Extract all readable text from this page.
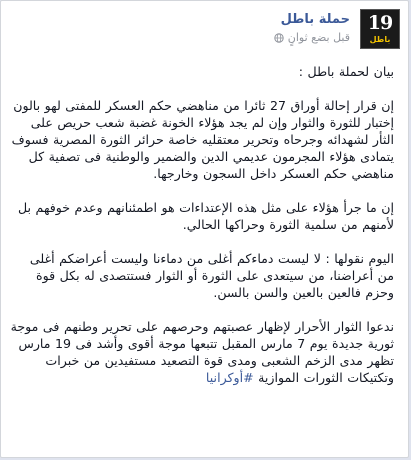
19
باطل
حملة باطل
قبل بضع ثوانٍ

بيان لحملة باطل :

إن قرار إحالة أوراق 27 ثائرا من مناهضي حكم العسكر للمفتى لهو بالون إختبار للثورة والثوار وإن لم يجد هؤلاء الخونة غضبة شعب حريص على الثأر لشهدائه وجرحاه وتحرير معتقليه خاصة حرائر الثورة المصرية فسوف يتمادى هؤلاء المجرمون عديمي الدين والضمير والوطنية فى تصفية كل مناهضي حكم العسكر داخل السجون وخارجها.

إن ما جرأ هؤلاء على مثل هذه الإعتداءات هو اطمئنانهم وعدم خوفهم بل لأمنهم من سلمية الثورة وحراكها الحالي.

اليوم نقولها : لا ليست دماءكم أغلى من دماءنا وليست أعراضكم أغلى من أعراضنا، من سيتعدى على الثورة أو الثوار فستتصدى له بكل قوة وحزم فالعين بالعين والسن بالسن.

ندعوا الثوار الأحرار لإظهار عصبتهم وحرصهم على تحرير وطنهم فى موجة ثورية جديدة يوم 7 مارس المقبل تتبعها موجة أقوى وأشد فى 19 مارس تظهر مدى الزخم الشعبى ومدى قوة التصعيد مستفيدين من خبرات وتكتيكات الثورات الموازية #أوكرانيا
